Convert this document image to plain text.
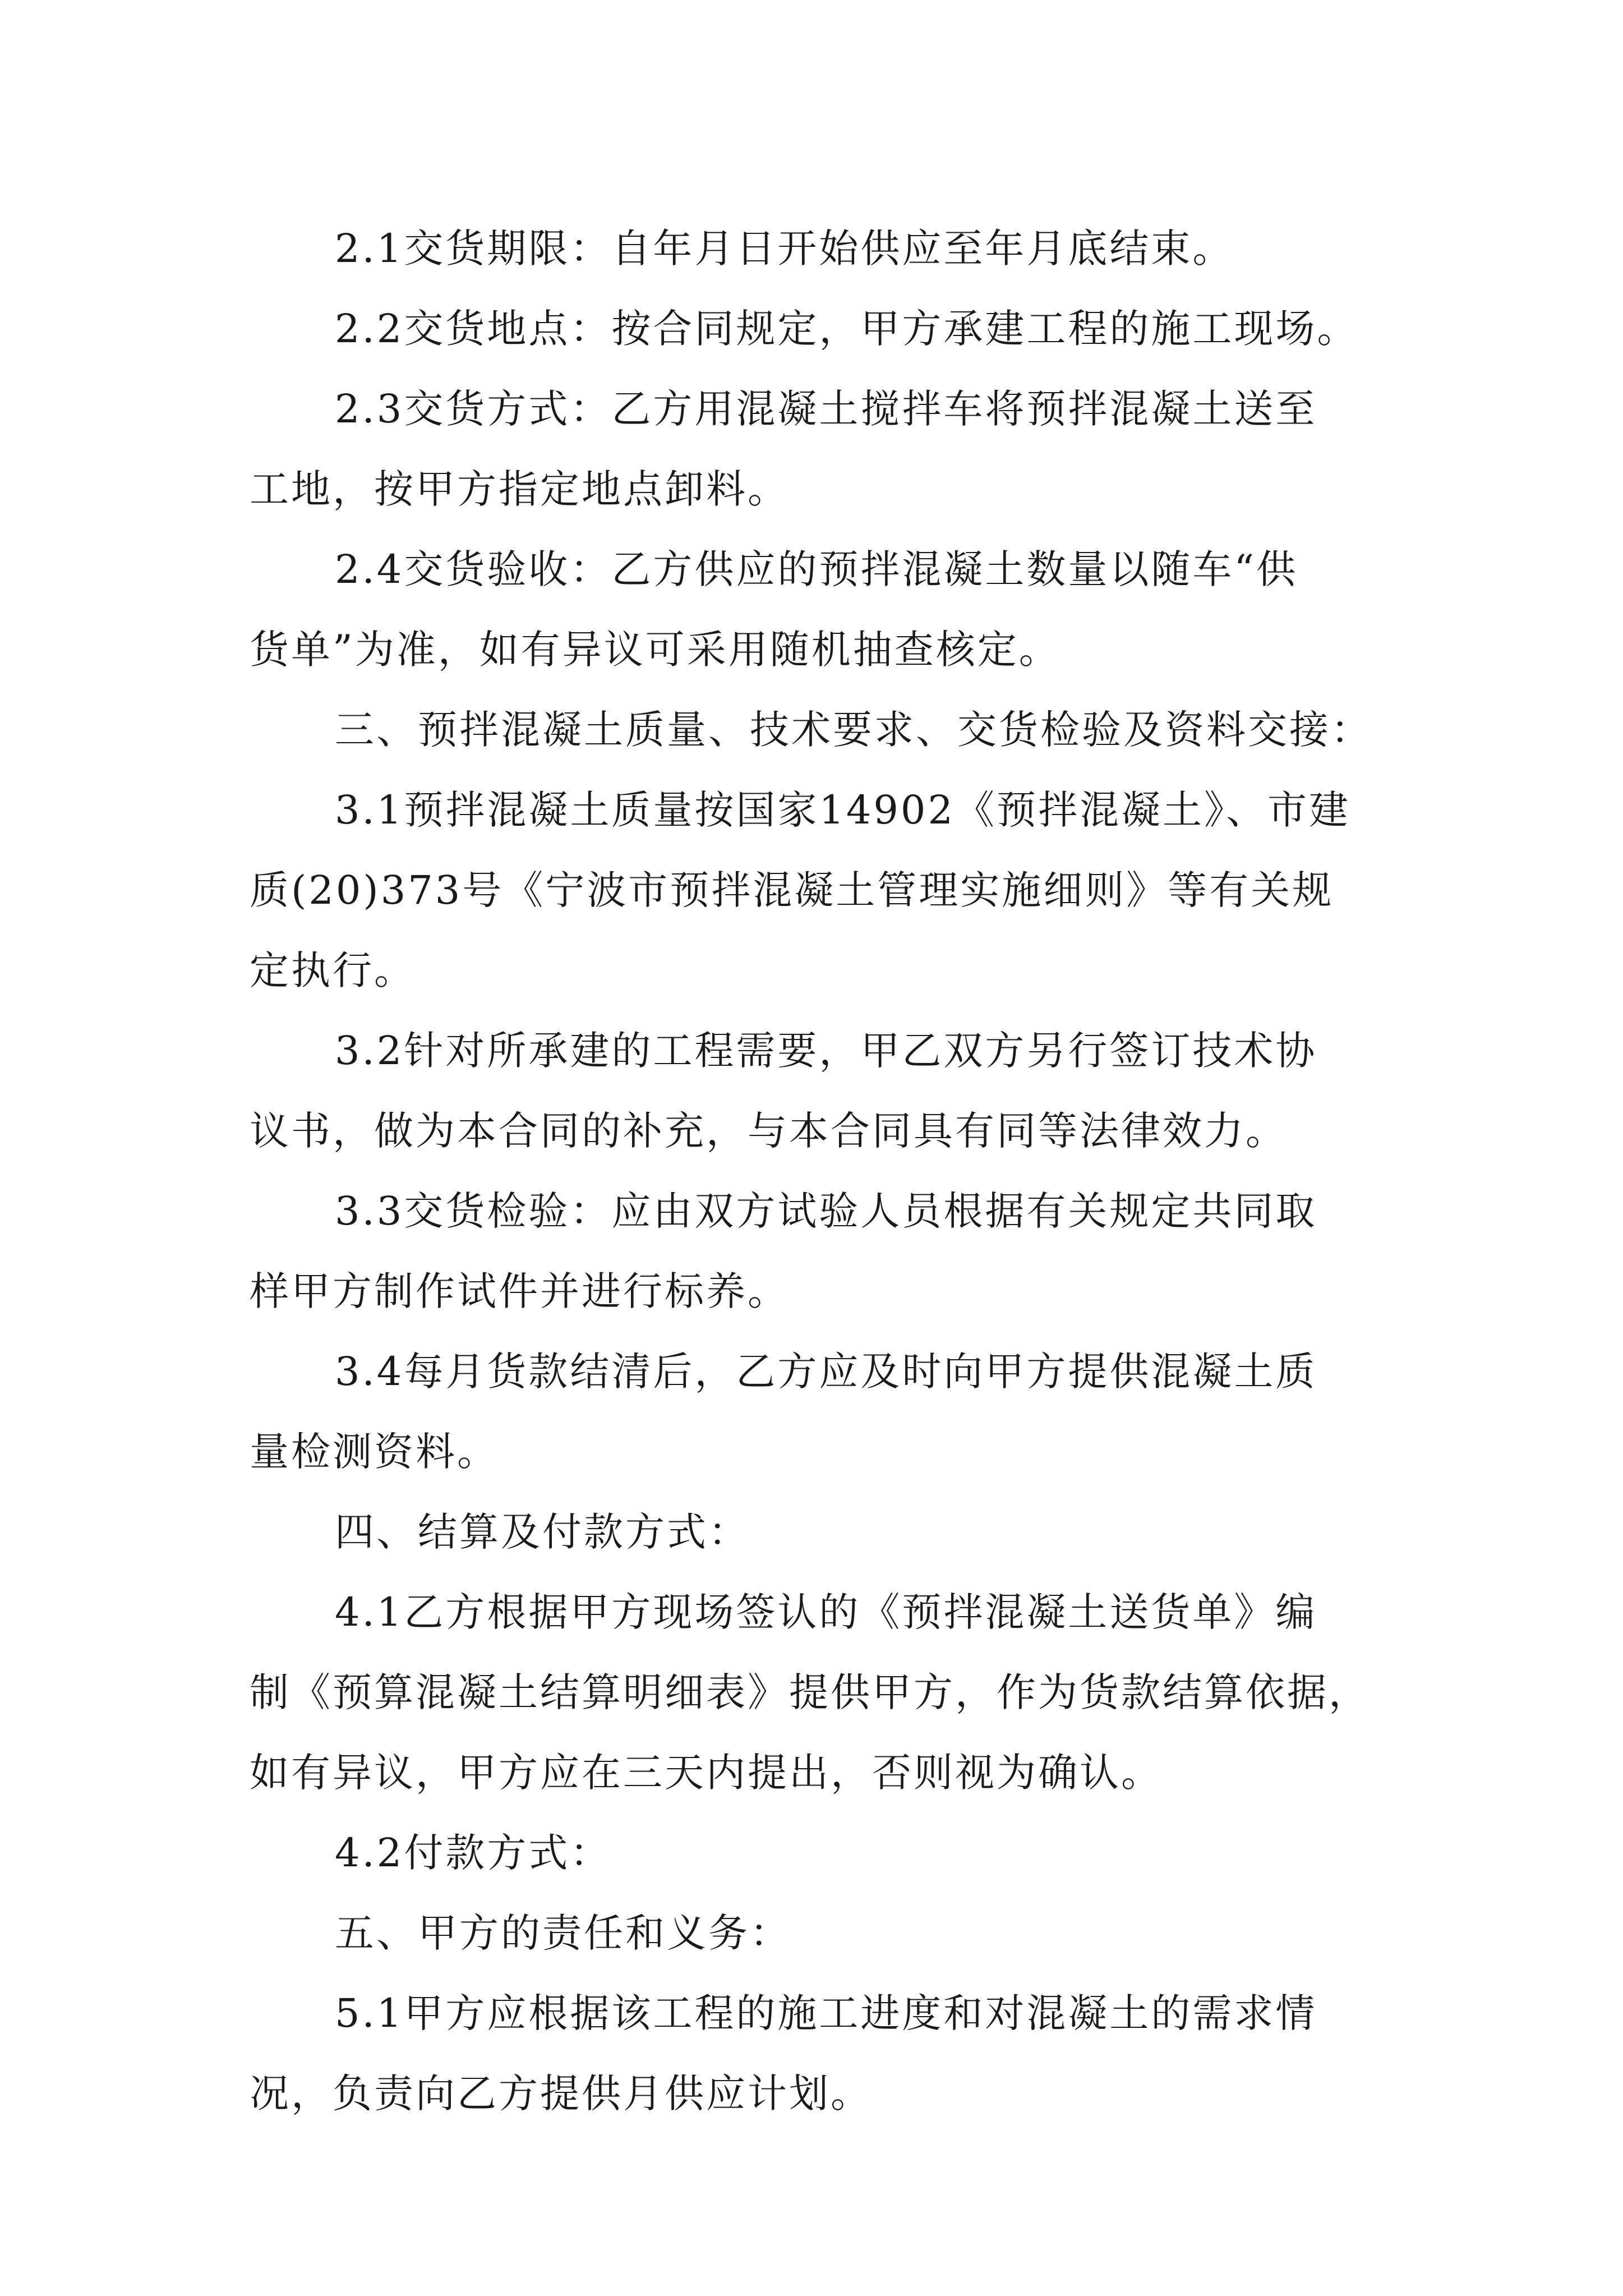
2.1交货期限：自年月日开始供应至年月底结束。

2.2交货地点：按合同规定，甲方承建工程的施工现场。

2.3交货方式：乙方用混凝土搅拌车将预拌混凝土送至
工地，按甲方指定地点卸料。

2.4交货验收：乙方供应的预拌混凝土数量以随车“供
货单”为准，如有异议可采用随机抽查核定。

三、预拌混凝土质量、技术要求、交货检验及资料交接：

3.1预拌混凝土质量按国家14902《预拌混凝土》、市建
质(20)373号《宁波市预拌混凝土管理实施细则》等有关规
定执行。

3.2针对所承建的工程需要，甲乙双方另行签订技术协
议书，做为本合同的补充，与本合同具有同等法律效力。

3.3交货检验：应由双方试验人员根据有关规定共同取
样甲方制作试件并进行标养。

3.4每月货款结清后，乙方应及时向甲方提供混凝土质
量检测资料。

四、结算及付款方式：

4.1乙方根据甲方现场签认的《预拌混凝土送货单》编
制《预算混凝土结算明细表》提供甲方，作为货款结算依据，
如有异议，甲方应在三天内提出，否则视为确认。

4.2付款方式：

五、甲方的责任和义务：

5.1甲方应根据该工程的施工进度和对混凝土的需求情
况，负责向乙方提供月供应计划。
